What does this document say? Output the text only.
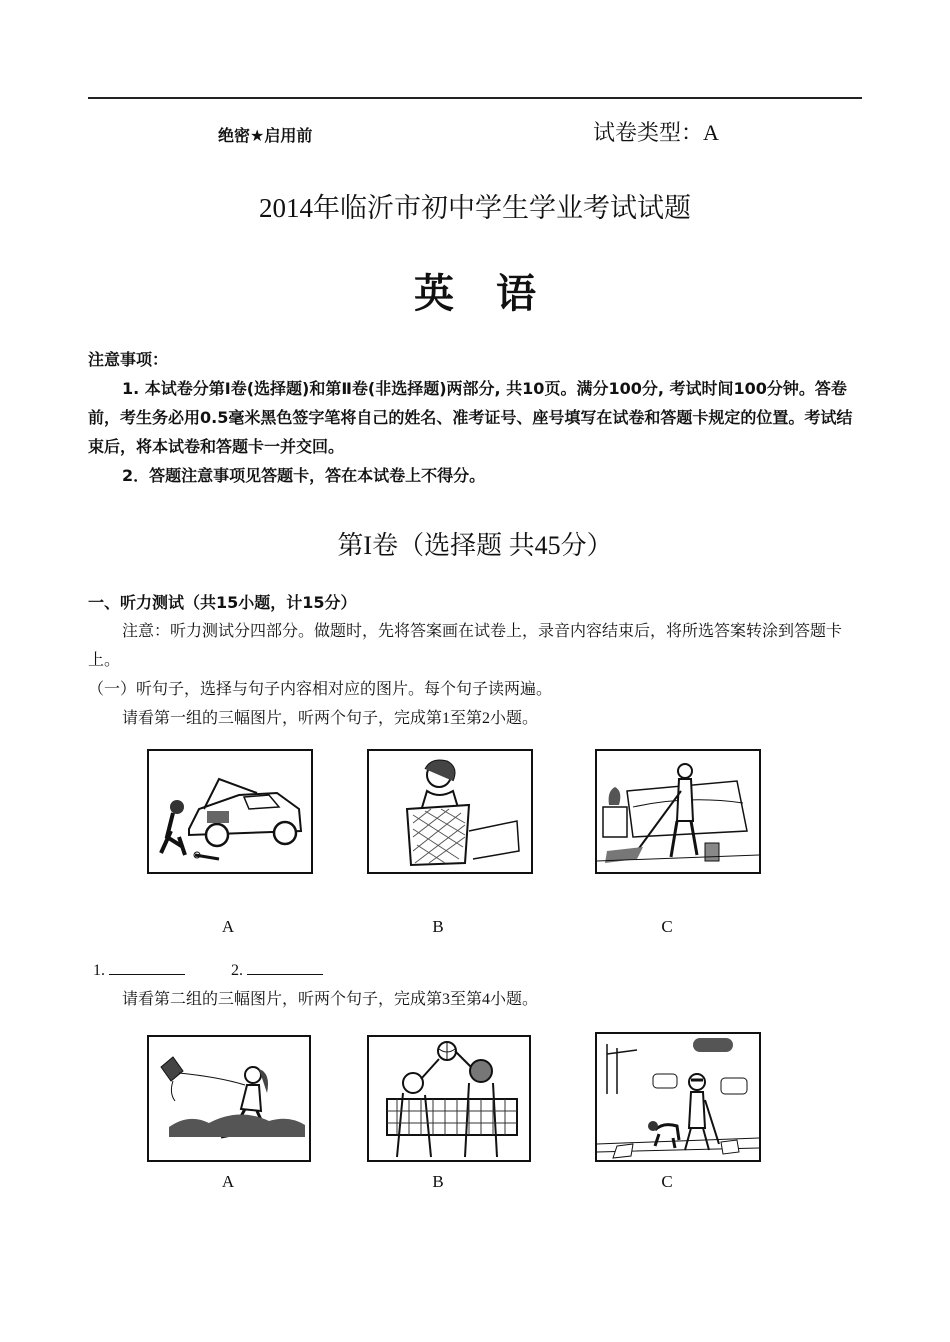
绝密★启用前	试卷类型：A
2014年临沂市初中学生学业考试试题
英语
注意事项：
1. 本试卷分第Ⅰ卷(选择题)和第Ⅱ卷(非选择题)两部分, 共10页。满分100分, 考试时间100分钟。答卷前，考生务必用0.5毫米黑色签字笔将自己的姓名、准考证号、座号填写在试卷和答题卡规定的位置。考试结束后，将本试卷和答题卡一并交回。
2．答题注意事项见答题卡，答在本试卷上不得分。
第I卷（选择题 共45分）
一、听力测试（共15小题，计15分）
注意：听力测试分四部分。做题时，先将答案画在试卷上，录音内容结束后，将所选答案转涂到答题卡上。
（一）听句子，选择与句子内容相对应的图片。每个句子读两遍。
请看第一组的三幅图片，听两个句子，完成第1至第2小题。
A	B	C
1.	2.
请看第二组的三幅图片，听两个句子，完成第3至第4小题。
A	B	C
